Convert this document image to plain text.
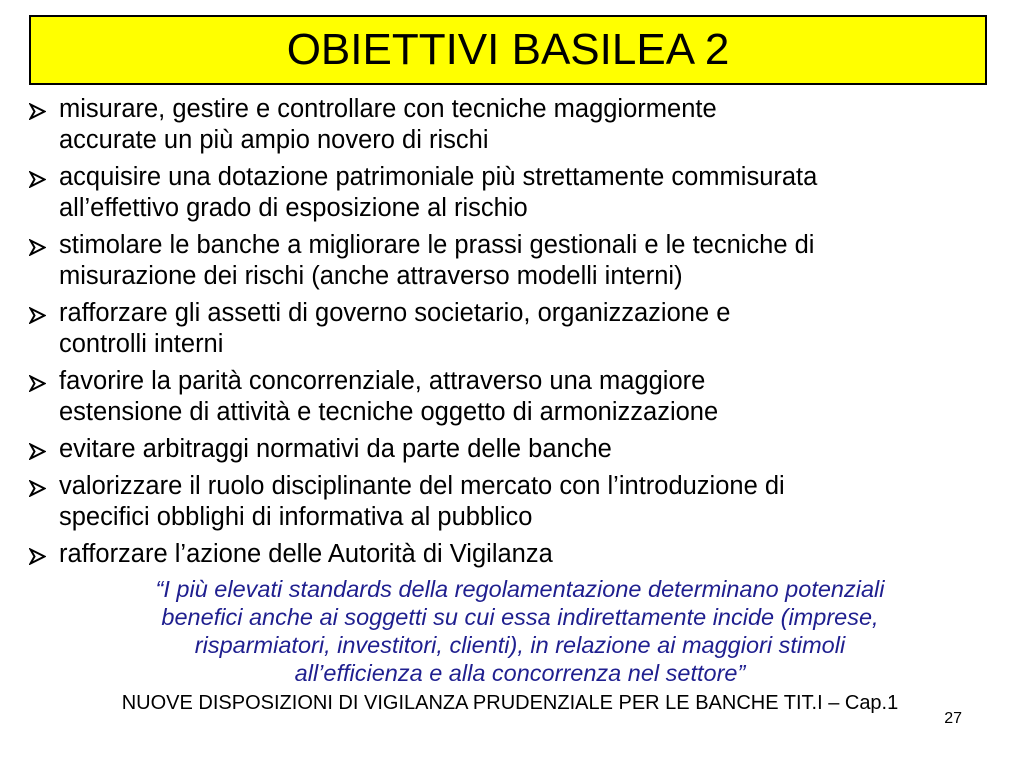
OBIETTIVI BASILEA 2
misurare, gestire e controllare con tecniche maggiormente
accurate un più ampio novero di rischi
acquisire una dotazione patrimoniale più strettamente commisurata
all’effettivo grado di esposizione al rischio
stimolare le banche a migliorare le prassi gestionali e le tecniche di
misurazione dei rischi (anche attraverso modelli interni)
rafforzare gli assetti di governo societario, organizzazione e
controlli interni
favorire la parità concorrenziale, attraverso una maggiore
estensione di attività e tecniche oggetto di armonizzazione
evitare arbitraggi normativi da parte delle banche
valorizzare il ruolo disciplinante del mercato con l’introduzione di
specifici obblighi di informativa al pubblico
rafforzare l’azione delle Autorità di Vigilanza
“I più elevati standards della regolamentazione determinano potenziali
benefici anche ai soggetti su cui essa indirettamente incide (imprese,
risparmiatori, investitori, clienti), in relazione ai maggiori stimoli
all’efficienza e alla concorrenza nel settore”
NUOVE DISPOSIZIONI DI VIGILANZA PRUDENZIALE PER LE BANCHE TIT.I – Cap.1
27
